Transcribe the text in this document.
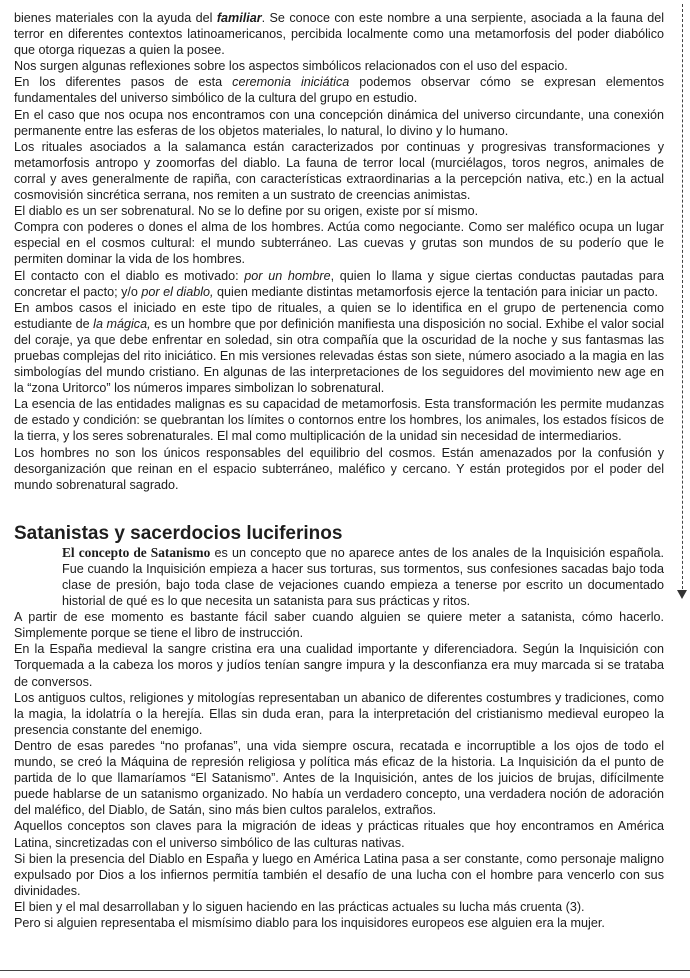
bienes materiales con la ayuda del familiar. Se conoce con este nombre a una serpiente, asociada a la fauna del terror en diferentes contextos latinoamericanos, percibida localmente como una metamorfosis del poder diabólico que otorga riquezas a quien la posee.

Nos surgen algunas reflexiones sobre los aspectos simbólicos relacionados con el uso del espacio.

En los diferentes pasos de esta ceremonia iniciática podemos observar cómo se expresan elementos fundamentales del universo simbólico de la cultura del grupo en estudio.

En el caso que nos ocupa nos encontramos con una concepción dinámica del universo circundante, una conexión permanente entre las esferas de los objetos materiales, lo natural, lo divino y lo humano.

Los rituales asociados a la salamanca están caracterizados por continuas y progresivas transformaciones y metamorfosis antropo y zoomorfas del diablo. La fauna de terror local (murciélagos, toros negros, animales de corral y aves generalmente de rapiña, con características extraordinarias a la percepción nativa, etc.) en la actual cosmovisión sincrética serrana, nos remiten a un sustrato de creencias animistas.

El diablo es un ser sobrenatural. No se lo define por su origen, existe por sí mismo.

Compra con poderes o dones el alma de los hombres. Actúa como negociante. Como ser maléfico ocupa un lugar especial en el cosmos cultural: el mundo subterráneo. Las cuevas y grutas son mundos de su poderío que le permiten dominar la vida de los hombres.

El contacto con el diablo es motivado: por un hombre, quien lo llama y sigue ciertas conductas pautadas para concretar el pacto; y/o por el diablo, quien mediante distintas metamorfosis ejerce la tentación para iniciar un pacto.

En ambos casos el iniciado en este tipo de rituales, a quien se lo identifica en el grupo de pertenencia como estudiante de la mágica, es un hombre que por definición manifiesta una disposición no social. Exhibe el valor social del coraje, ya que debe enfrentar en soledad, sin otra compañía que la oscuridad de la noche y sus fantasmas las pruebas complejas del rito iniciático. En mis versiones relevadas éstas son siete, número asociado a la magia en las simbologías del mundo cristiano. En algunas de las interpretaciones de los seguidores del movimiento new age en la “zona Uritorco” los números impares simbolizan lo sobrenatural.

La esencia de las entidades malignas es su capacidad de metamorfosis. Esta transformación les permite mudanzas de estado y condición: se quebrantan los límites o contornos entre los hombres, los animales, los estados físicos de la tierra, y los seres sobrenaturales. El mal como multiplicación de la unidad sin necesidad de intermediarios.

Los hombres no son los únicos responsables del equilibrio del cosmos. Están amenazados por la confusión y desorganización que reinan en el espacio subterráneo, maléfico y cercano. Y están protegidos por el poder del mundo sobrenatural sagrado.

Satanistas y sacerdocios luciferinos

El concepto de Satanismo es un concepto que no aparece antes de los anales de la Inquisición española. Fue cuando la Inquisición empieza a hacer sus torturas, sus tormentos, sus confesiones sacadas bajo toda clase de presión, bajo toda clase de vejaciones cuando empieza a tenerse por escrito un documentado historial de qué es lo que necesita un satanista para sus prácticas y ritos.

A partir de ese momento es bastante fácil saber cuando alguien se quiere meter a satanista, cómo hacerlo. Simplemente porque se tiene el libro de instrucción.

En la España medieval la sangre cristina era una cualidad importante y diferenciadora. Según la Inquisición con Torquemada a la cabeza los moros y judíos tenían sangre impura y la desconfianza era muy marcada si se trataba de conversos.

Los antiguos cultos, religiones y mitologías representaban un abanico de diferentes costumbres y tradiciones, como la magia, la idolatría o la herejía. Ellas sin duda eran, para la interpretación del cristianismo medieval europeo la presencia constante del enemigo.

Dentro de esas paredes “no profanas”, una vida siempre oscura, recatada e incorruptible a los ojos de todo el mundo, se creó la Máquina de represión religiosa y política más eficaz de la historia. La Inquisición da el punto de partida de lo que llamaríamos “El Satanismo”. Antes de la Inquisición, antes de los juicios de brujas, difícilmente puede hablarse de un satanismo organizado. No había un verdadero concepto, una verdadera noción de adoración del maléfico, del Diablo, de Satán, sino más bien cultos paralelos, extraños.

Aquellos conceptos son claves para la migración de ideas y prácticas rituales que hoy encontramos en América Latina, sincretizadas con el universo simbólico de las culturas nativas.

Si bien la presencia del Diablo en España y luego en América Latina pasa a ser constante, como personaje maligno expulsado por Dios a los infiernos permitía también el desafío de una lucha con el hombre para vencerlo con sus divinidades.

El bien y el mal desarrollaban y lo siguen haciendo en las prácticas actuales su lucha más cruenta (3).

Pero si alguien representaba el mismísimo diablo para los inquisidores europeos ese alguien era la mujer.
